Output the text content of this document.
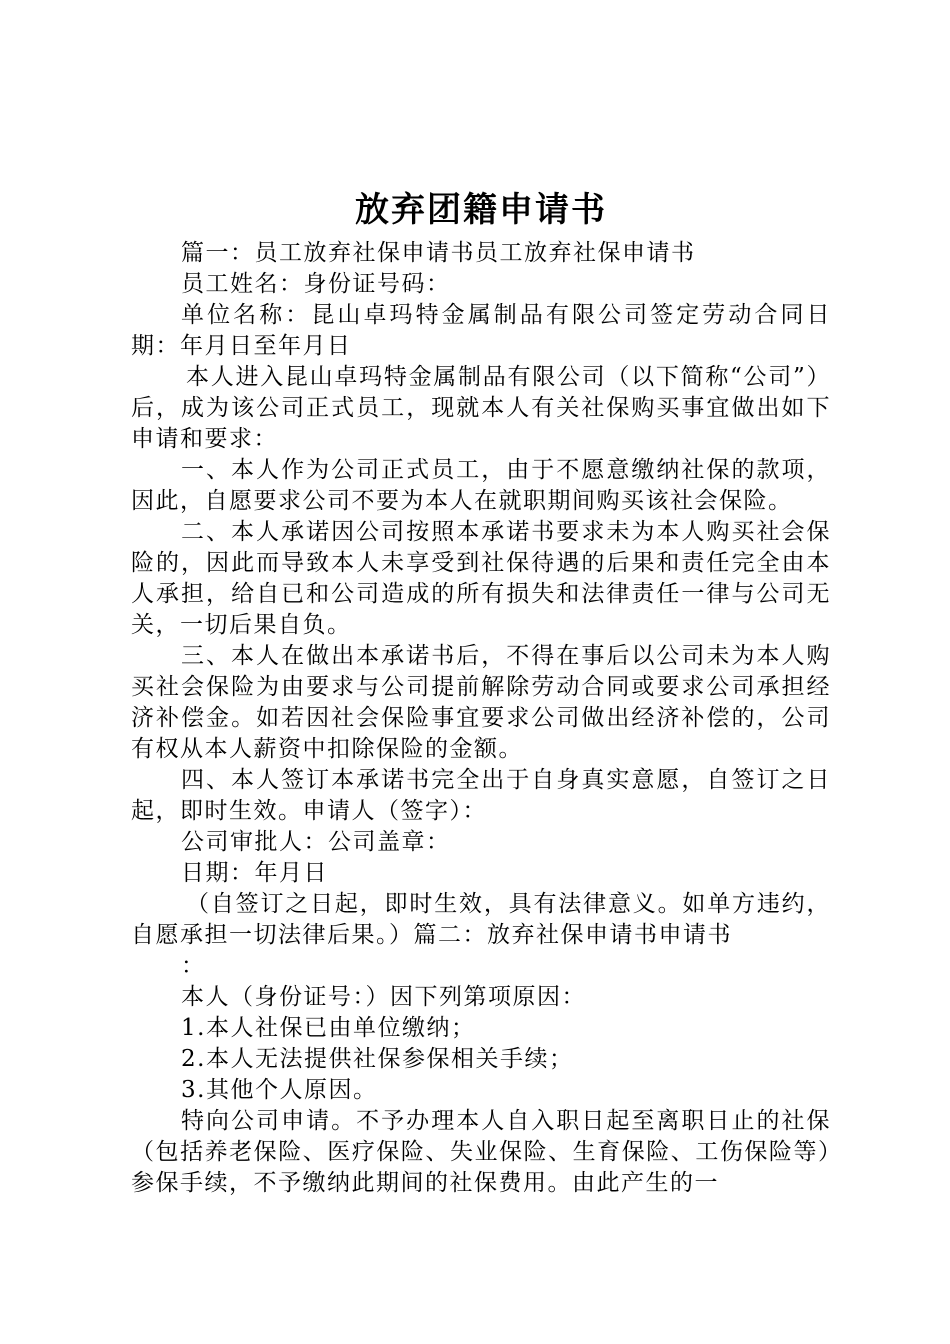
放弃团籍申请书

篇一：员工放弃社保申请书员工放弃社保申请书

员工姓名：身份证号码：

单位名称：昆山卓玛特金属制品有限公司签定劳动合同日期：年月日至年月日

本人进入昆山卓玛特金属制品有限公司（以下简称“公司”）后，成为该公司正式员工，现就本人有关社保购买事宜做出如下申请和要求：

一、本人作为公司正式员工，由于不愿意缴纳社保的款项，因此，自愿要求公司不要为本人在就职期间购买该社会保险。

二、本人承诺因公司按照本承诺书要求未为本人购买社会保险的，因此而导致本人未享受到社保待遇的后果和责任完全由本人承担，给自已和公司造成的所有损失和法律责任一律与公司无关，一切后果自负。

三、本人在做出本承诺书后，不得在事后以公司未为本人购买社会保险为由要求与公司提前解除劳动合同或要求公司承担经济补偿金。如若因社会保险事宜要求公司做出经济补偿的，公司有权从本人薪资中扣除保险的金额。

四、本人签订本承诺书完全出于自身真实意愿，自签订之日起，即时生效。申请人（签字）：

公司审批人：公司盖章：

日期：年月日

（自签订之日起，即时生效，具有法律意义。如单方违约，自愿承担一切法律后果。）篇二：放弃社保申请书申请书

：

本人（身份证号：）因下列第项原因：

1.本人社保已由单位缴纳；

2.本人无法提供社保参保相关手续；

3.其他个人原因。

特向公司申请。不予办理本人自入职日起至离职日止的社保（包括养老保险、医疗保险、失业保险、生育保险、工伤保险等）参保手续，不予缴纳此期间的社保费用。由此产生的一
